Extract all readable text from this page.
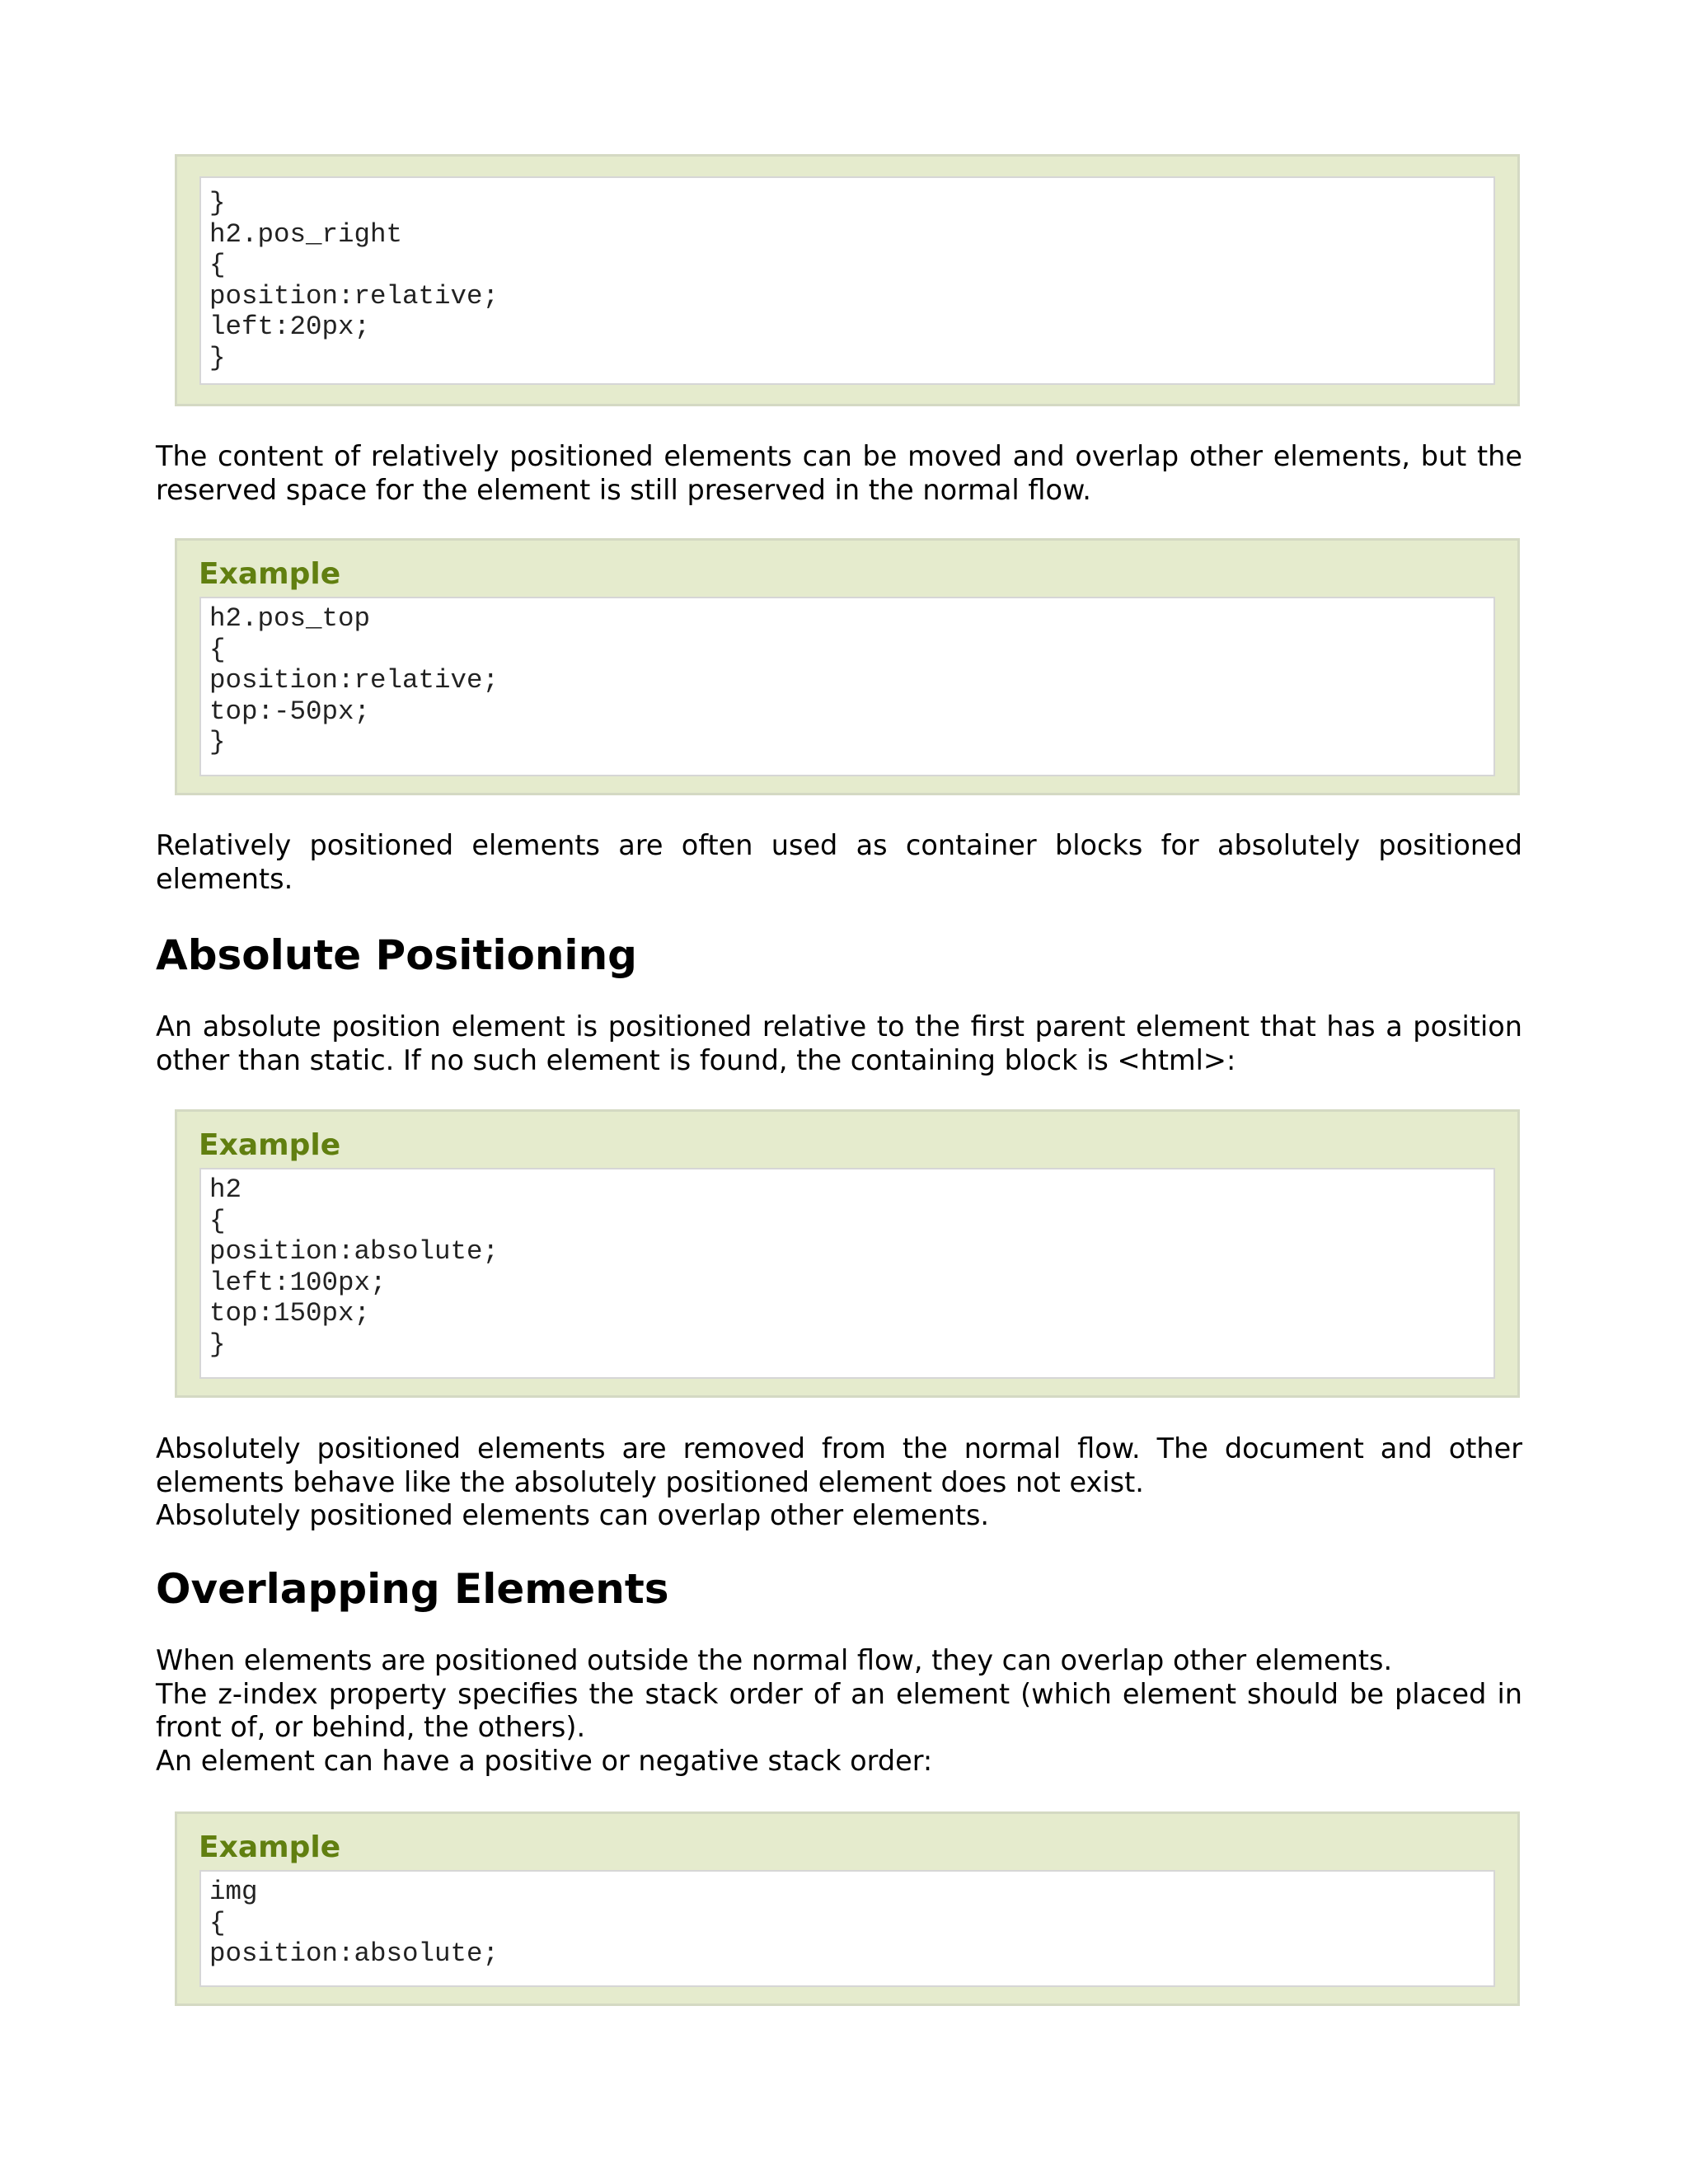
}
h2.pos_right
{
position:relative;
left:20px;
}
The content of relatively positioned elements can be moved and overlap other elements, but the
reserved space for the element is still preserved in the normal flow.
Example
h2.pos_top
{
position:relative;
top:-50px;
}
Relatively positioned elements are often used as container blocks for absolutely positioned
elements.
Absolute Positioning
An absolute position element is positioned relative to the first parent element that has a position
other than static. If no such element is found, the containing block is <html>:
Example
h2
{
position:absolute;
left:100px;
top:150px;
}
Absolutely positioned elements are removed from the normal flow. The document and other
elements behave like the absolutely positioned element does not exist.
Absolutely positioned elements can overlap other elements.
Overlapping Elements
When elements are positioned outside the normal flow, they can overlap other elements.
The z-index property specifies the stack order of an element (which element should be placed in
front of, or behind, the others).
An element can have a positive or negative stack order:
Example
img
{
position:absolute;
